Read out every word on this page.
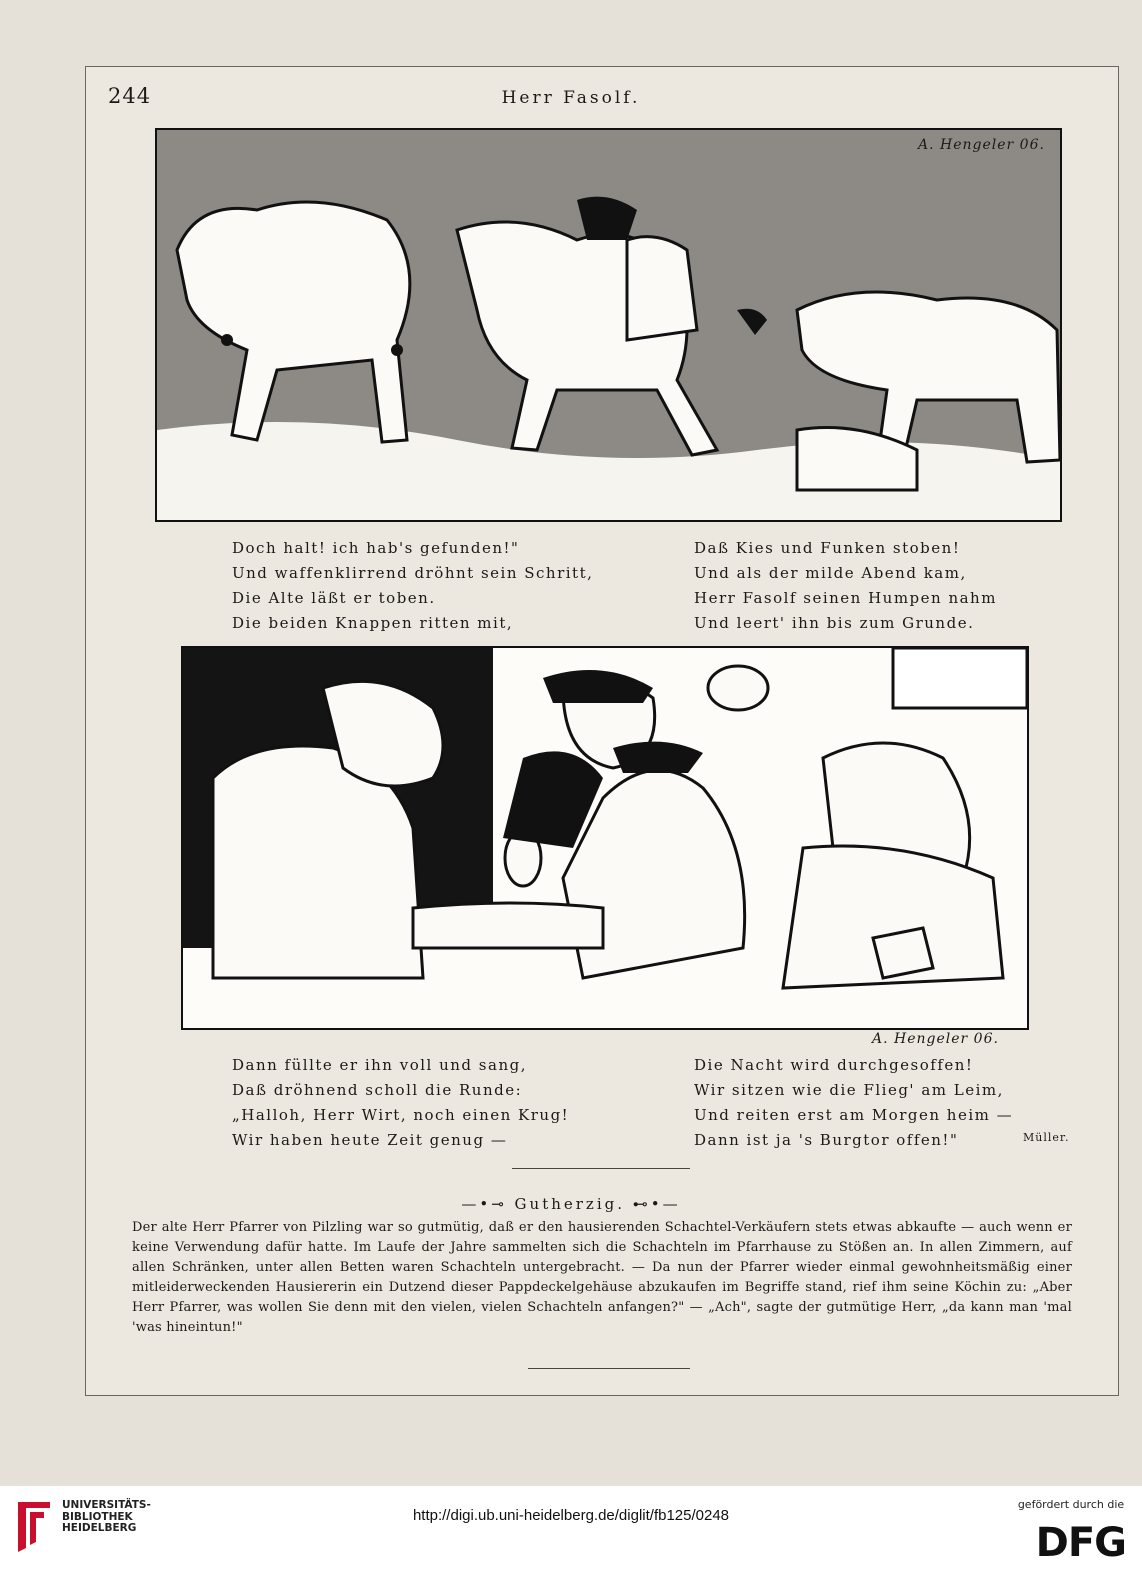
244	Herr Fasolf.
A. Hengeler 06.
Doch halt! ich hab's gefunden!"
Und waffenklirrend dröhnt sein Schritt,
Die Alte läßt er toben.
Die beiden Knappen ritten mit,
Daß Kies und Funken stoben!
Und als der milde Abend kam,
Herr Fasolf seinen Humpen nahm
Und leert' ihn bis zum Grunde.
A. Hengeler 06.
Dann füllte er ihn voll und sang,
Daß dröhnend scholl die Runde:
„Halloh, Herr Wirt, noch einen Krug!
Wir haben heute Zeit genug —
Die Nacht wird durchgesoffen!
Wir sitzen wie die Flieg' am Leim,
Und reiten erst am Morgen heim —
Dann ist ja 's Burgtor offen!"	Müller.
—•⊸ Gutherzig. ⊷•—
Der alte Herr Pfarrer von Pilzling war so gutmütig, daß er den hausierenden Schachtel-Verkäufern stets etwas abkaufte — auch wenn er keine Verwendung dafür hatte. Im Laufe der Jahre sammelten sich die Schachteln im Pfarrhause zu Stößen an. In allen Zimmern, auf allen Schränken, unter allen Betten waren Schachteln untergebracht. — Da nun der Pfarrer wieder einmal gewohnheitsmäßig einer mitleiderweckenden Hausiererin ein Dutzend dieser Pappdeckelgehäuse abzukaufen im Begriffe stand, rief ihm seine Köchin zu: „Aber Herr Pfarrer, was wollen Sie denn mit den vielen, vielen Schachteln anfangen?" — „Ach", sagte der gutmütige Herr, „da kann man 'mal 'was hineintun!"
UNIVERSITÄTS-
BIBLIOTHEK
HEIDELBERG
gefördert durch die
DFG
http://digi.ub.uni-heidelberg.de/diglit/fb125/0248
